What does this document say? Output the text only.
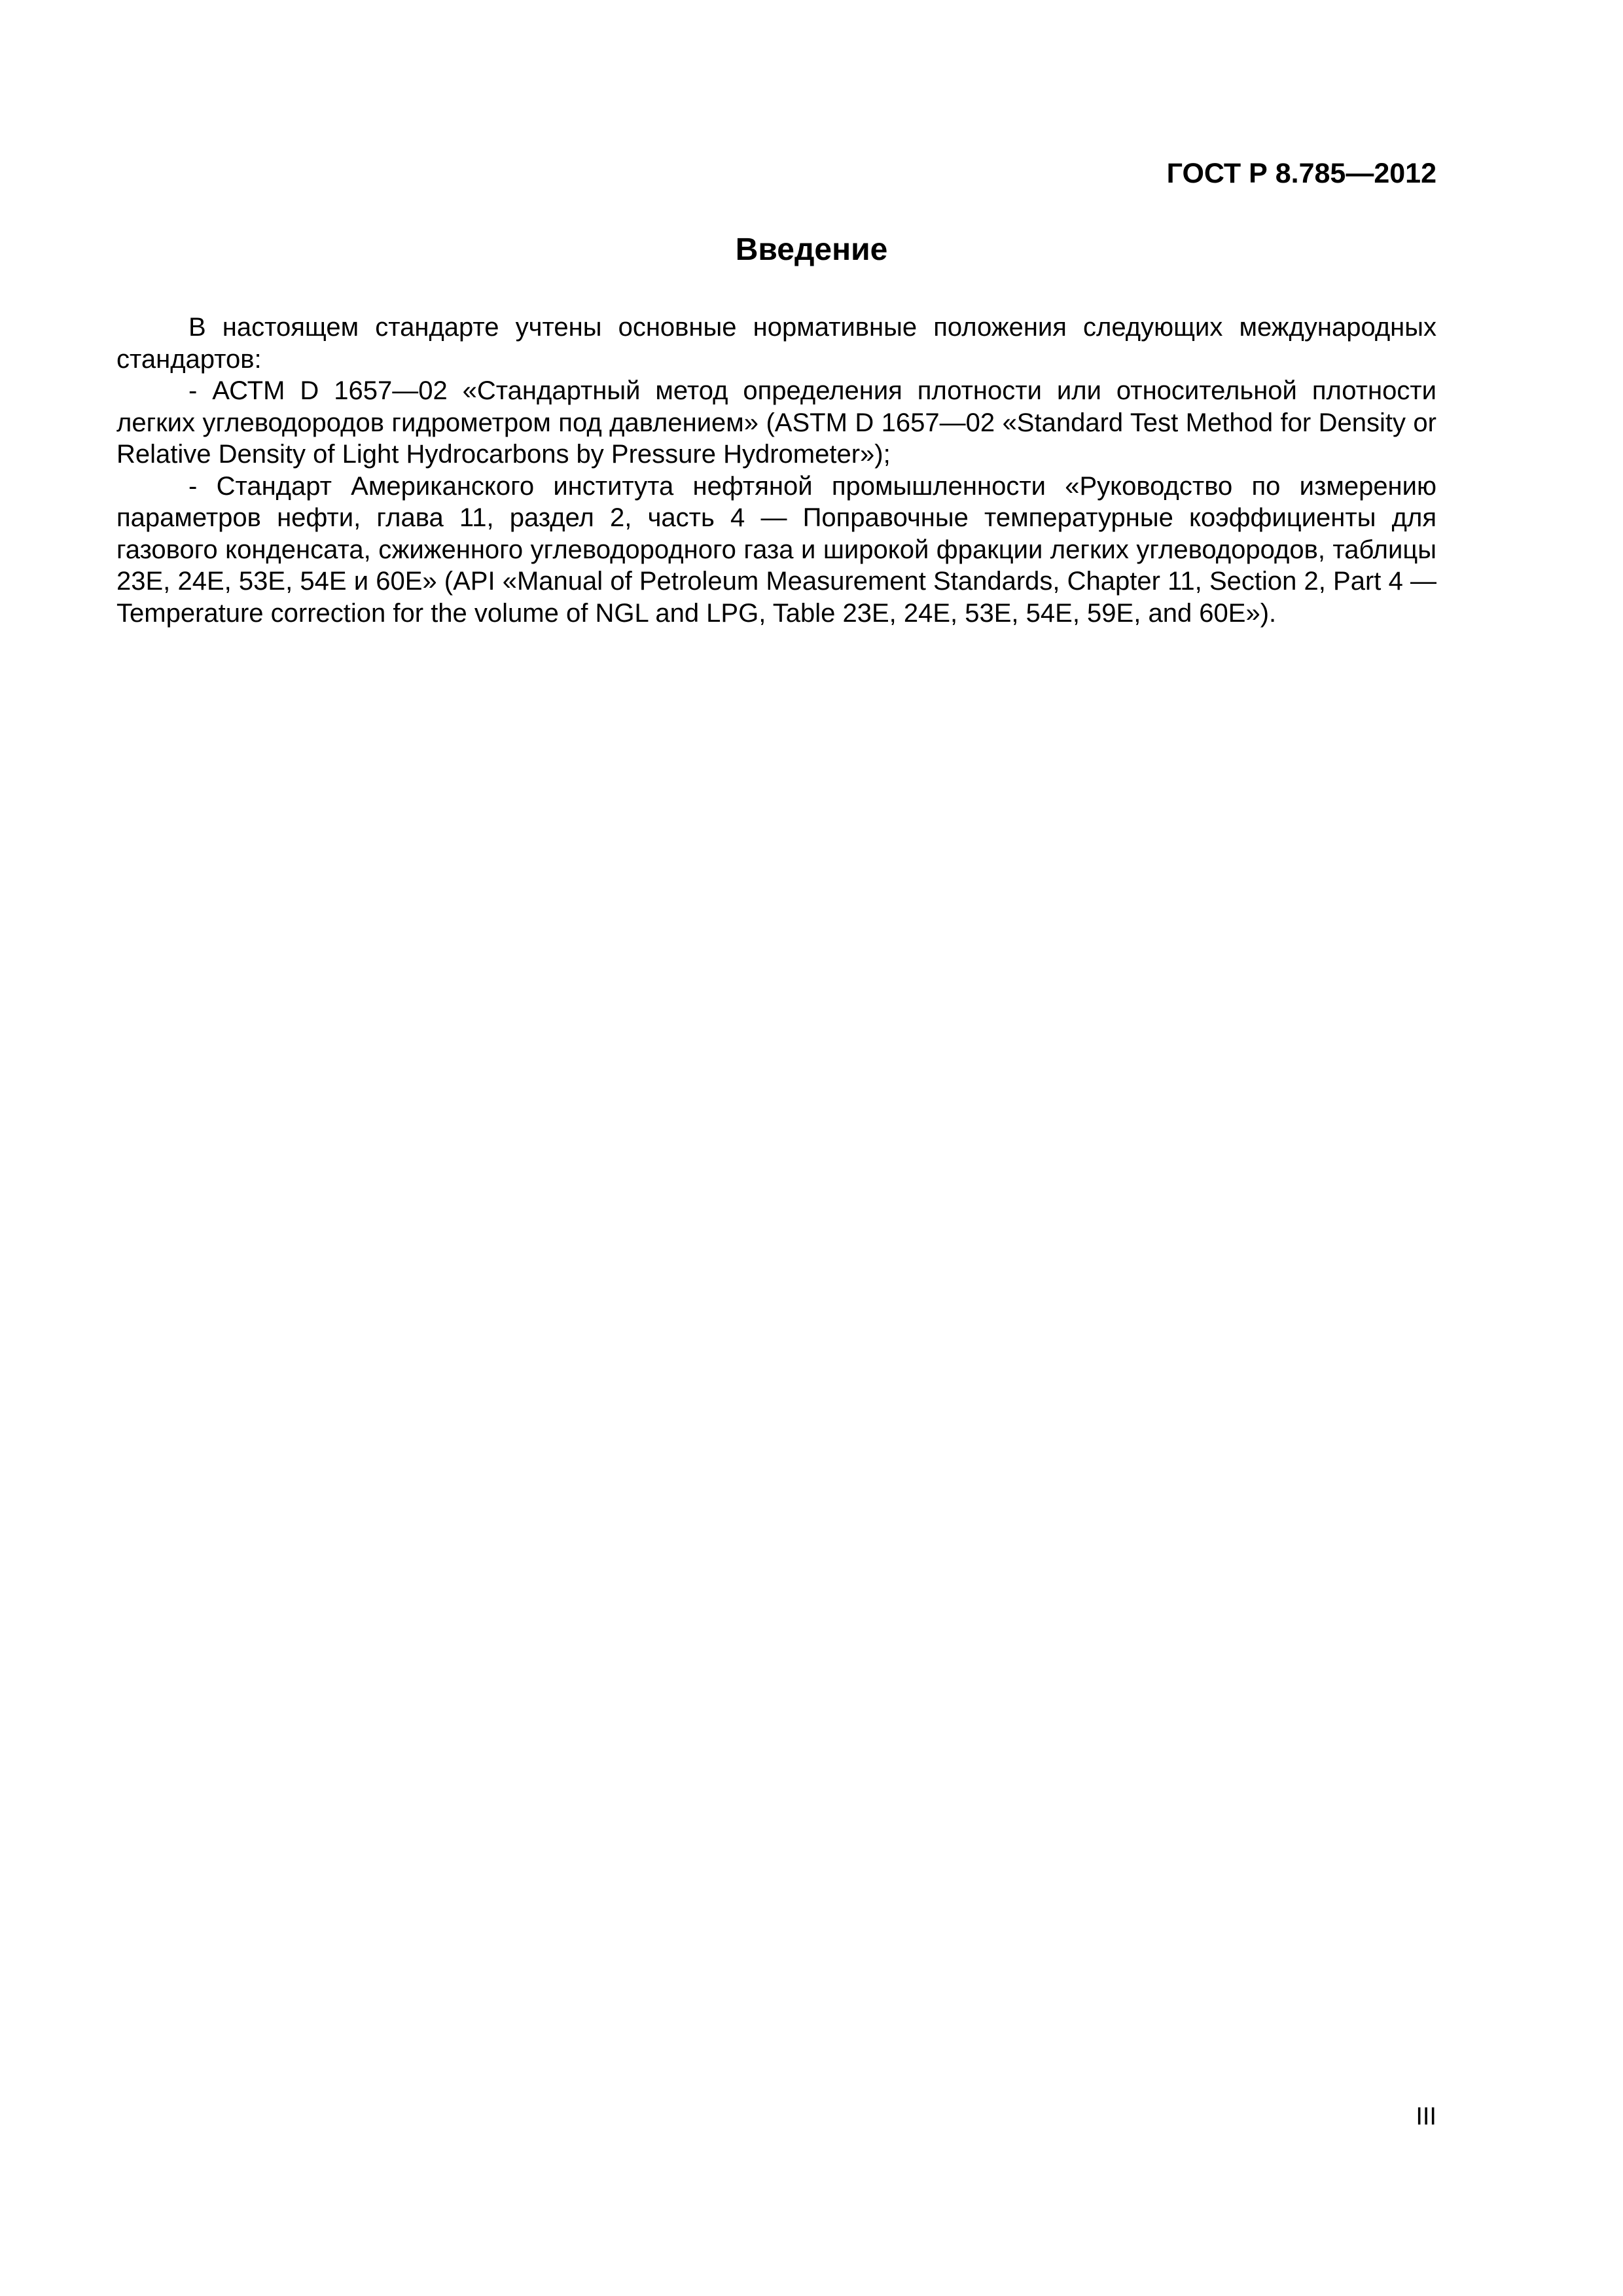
ГОСТ Р 8.785—2012
Введение

В настоящем стандарте учтены основные нормативные положения следующих международных стандартов:

- АСТМ D 1657—02 «Стандартный метод определения плотности или относительной плотности легких углеводородов гидрометром под давлением» (ASTM D 1657—02 «Standard Test Method for Density or Relative Density of Light Hydrocarbons by Pressure Hydrometer»);

- Стандарт Американского института нефтяной промышленности «Руководство по измерению параметров нефти, глава 11, раздел 2, часть 4 — Поправочные температурные коэффициенты для газового конденсата, сжиженного углеводородного газа и широкой фракции легких углеводородов, таблицы 23E, 24E, 53E, 54E и 60E» (API «Manual of Petroleum Measurement Standards, Chapter 11, Section 2, Part 4 — Temperature correction for the volume of NGL and LPG, Table 23E, 24E, 53E, 54E, 59E, and 60E»).

III
